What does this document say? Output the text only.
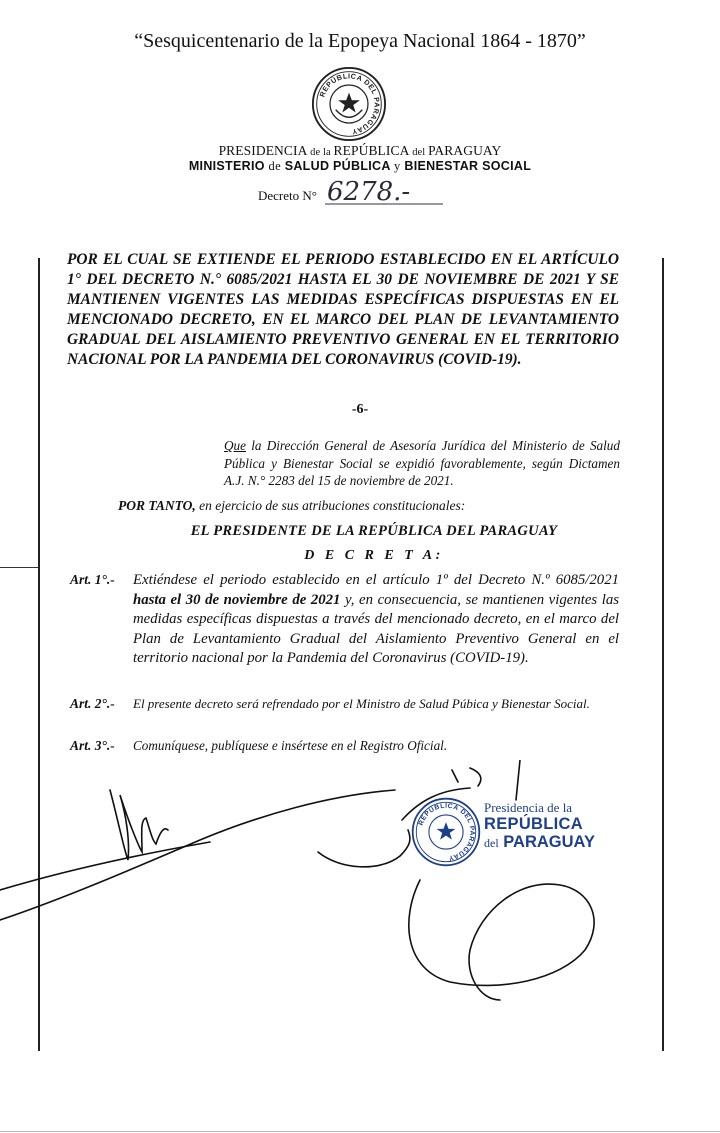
“Sesquicentenario de la Epopeya Nacional 1864 - 1870”
REPÚBLICA DEL PARAGUAY
PRESIDENCIA de la REPÚBLICA del PARAGUAY
MINISTERIO de SALUD PÚBLICA y BIENESTAR SOCIAL
Decreto N° 6278.-
POR EL CUAL SE EXTIENDE EL PERIODO ESTABLECIDO EN EL ARTÍCULO 1° DEL DECRETO N.° 6085/2021 HASTA EL 30 DE NOVIEMBRE DE 2021 Y SE MANTIENEN VIGENTES LAS MEDIDAS ESPECÍFICAS DISPUESTAS EN EL MENCIONADO DECRETO, EN EL MARCO DEL PLAN DE LEVANTAMIENTO GRADUAL DEL AISLAMIENTO PREVENTIVO GENERAL EN EL TERRITORIO NACIONAL POR LA PANDEMIA DEL CORONAVIRUS (COVID-19).
-6-
Que la Dirección General de Asesoría Jurídica del Ministerio de Salud Pública y Bienestar Social se expidió favorablemente, según Dictamen A.J. N.° 2283 del 15 de noviembre de 2021.
POR TANTO, en ejercicio de sus atribuciones constitucionales:
EL PRESIDENTE DE LA REPÚBLICA DEL PARAGUAY
D E C R E T A:
Art. 1°.- Extiéndese el periodo establecido en el artículo 1º del Decreto N.º 6085/2021 hasta el 30 de noviembre de 2021 y, en consecuencia, se mantienen vigentes las medidas específicas dispuestas a través del mencionado decreto, en el marco del Plan de Levantamiento Gradual del Aislamiento Preventivo General en el territorio nacional por la Pandemia del Coronavirus (COVID-19).
Art. 2°.- El presente decreto será refrendado por el Ministro de Salud Púbica y Bienestar Social.
Art. 3°.- Comuníquese, publíquese e insértese en el Registro Oficial.
REPÚBLICA DEL PARAGUAY
Presidencia de la
REPÚBLICA
del PARAGUAY
